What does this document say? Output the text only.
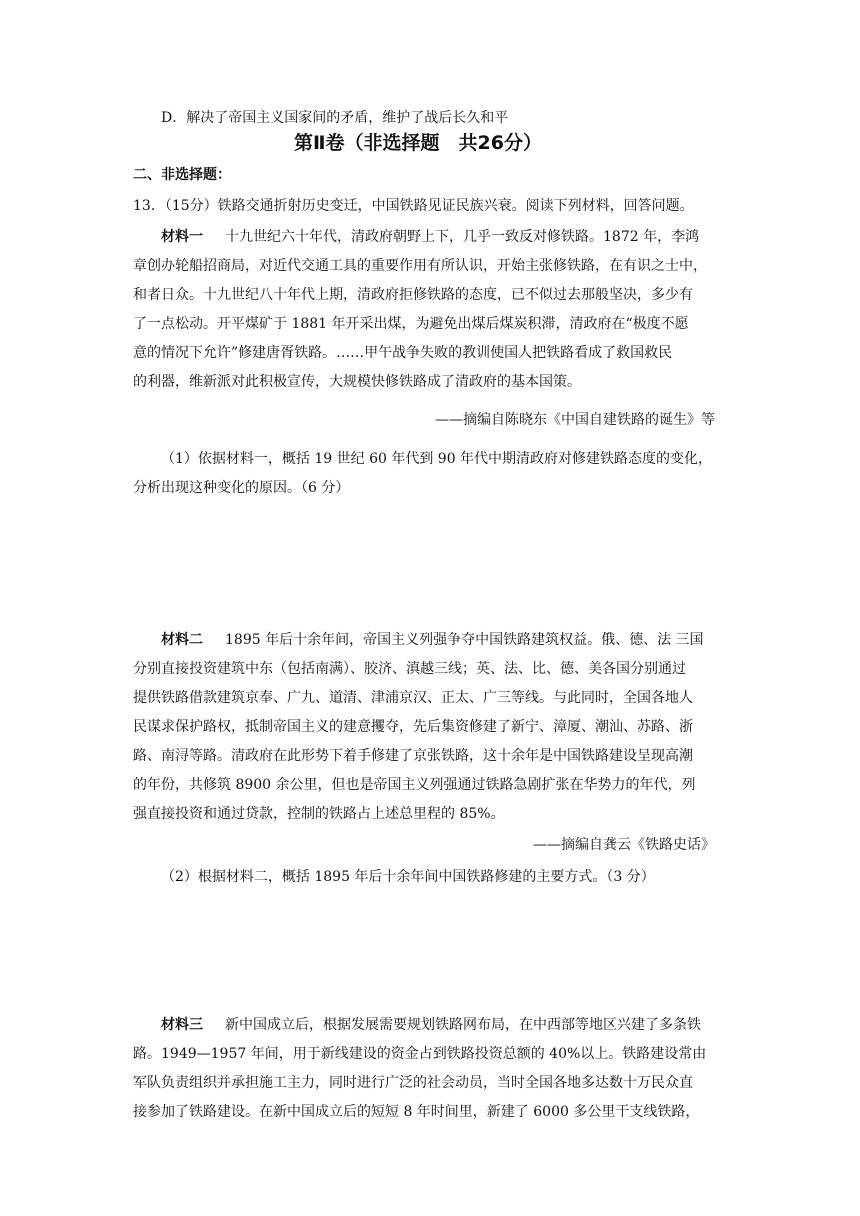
D．解决了帝国主义国家间的矛盾，维护了战后长久和平
第Ⅱ卷（非选择题　共26分）
二、非选择题：
13．（15分）铁路交通折射历史变迁，中国铁路见证民族兴衰。阅读下列材料，回答问题。
材料一 十九世纪六十年代，清政府朝野上下，几乎一致反对修铁路。1872 年，李鸿
章创办轮船招商局，对近代交通工具的重要作用有所认识，开始主张修铁路，在有识之士中，
和者日众。十九世纪八十年代上期，清政府拒修铁路的态度，已不似过去那般坚决，多少有
了一点松动。开平煤矿于 1881 年开采出煤，为避免出煤后煤炭积滞，清政府在“极度不愿
意的情况下允许”修建唐胥铁路。……甲午战争失败的教训使国人把铁路看成了救国救民
的利器，维新派对此积极宣传，大规模快修铁路成了清政府的基本国策。
——摘编自陈晓东《中国自建铁路的诞生》等
（1）依据材料一，概括 19 世纪 60 年代到 90 年代中期清政府对修建铁路态度的变化，
分析出现这种变化的原因。（6 分）
材料二 1895 年后十余年间，帝国主义列强争夺中国铁路建筑权益。俄、德、法 三国
分别直接投资建筑中东（包括南满）、胶济、滇越三线；英、法、比、德、美各国分别通过
提供铁路借款建筑京奉、广九、道清、津浦京汉、正太、广三等线。与此同时，全国各地人
民谋求保护路权，抵制帝国主义的建意攫夺，先后集资修建了新宁、漳厦、潮汕、苏路、浙
路、南浔等路。清政府在此形势下着手修建了京张铁路，这十余年是中国铁路建设呈现高潮
的年份，共修筑 8900 余公里，但也是帝国主义列强通过铁路急剧扩张在华势力的年代，列
强直接投资和通过贷款，控制的铁路占上述总里程的 85%。
——摘编自龚云《铁路史话》
（2）根据材料二，概括 1895 年后十余年间中国铁路修建的主要方式。（3 分）
材料三 新中国成立后，根据发展需要规划铁路网布局，在中西部等地区兴建了多条铁
路。1949—1957 年间，用于新线建设的资金占到铁路投资总额的 40%以上。铁路建设常由
军队负责组织并承担施工主力，同时进行广泛的社会动员，当时全国各地多达数十万民众直
接参加了铁路建设。在新中国成立后的短短 8 年时间里，新建了 6000 多公里干支线铁路，
